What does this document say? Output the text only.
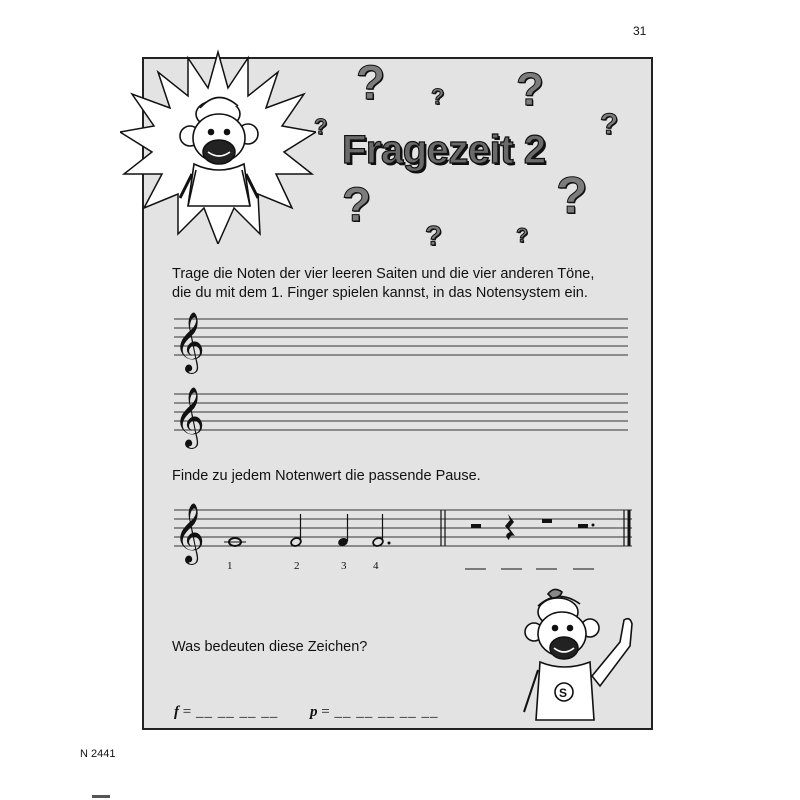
31
Fragezeit 2
? ? ?
?	?
?
?
?	?
Trage die Noten der vier leeren Saiten und die vier anderen Töne,
die du mit dem 1. Finger spielen kannst, in das Notensystem ein.
𝄞
𝄞
Finde zu jedem Notenwert die passende Pause.
𝄞
1	2	3 4
S
Was bedeuten diese Zeichen?
f = __ __ __ __ p = __ __ __ __ __
N 2441
